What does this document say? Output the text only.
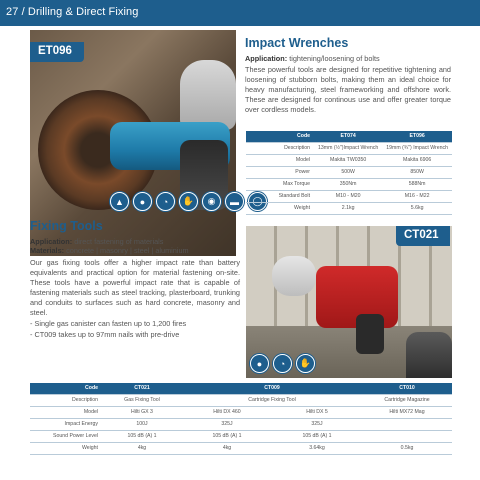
27 / Drilling & Direct Fixing
ET096
▲	●	◔	✋	◉	▬	◯
Impact Wrenches
Application: tightening/loosening of bolts
These powerful tools are designed for repetitive tightening and loosening of stubborn bolts, making them an ideal choice for heavy manufacturing, steel frameworking and offshore work. These are designed for continous use and offer greater torque over cordless models.
Code	ET074	ET096
Description	13mm (½")Impact Wrench	19mm (¾") Impact Wrench
Model	Makita TW0350	Makita 6906
Power	500W	850W
Max Torque	350Nm	588Nm
Standard Bolt	M10 - M20	M16 - M22
Weight	2.1kg	5.6kg
Fixing Tools
Application: direct fastening of materials
Materials: concrete | masonry | steel | aluminium
Our gas fixing tools offer a higher impact rate than battery equivalents and practical option for material fastening on-site. These tools have a powerful impact rate that is capable of fastening materials such as steel tracking, plasterboard, trunking and conduits to surfaces such as hard concrete, masonry and steel.
- Single gas canister can fasten up to 1,200 fires
- CT009 takes up to 97mm nails with pre-drive
CT021
●	◔	✋
Code	CT021	CT009		CT010
Description	Gas Fixing Tool	Cartridge Fixing Tool		Cartridge Magazine
Model	Hilti GX 3	Hilti DX 460	Hilti DX 5	Hilti MX72 Mag
Impact Energy	100J	325J	325J	
Sound Power Level	105 dB (A) 1	105 dB (A) 1	105 dB (A) 1	
Weight	4kg	4kg	3.64kg	0.5kg
